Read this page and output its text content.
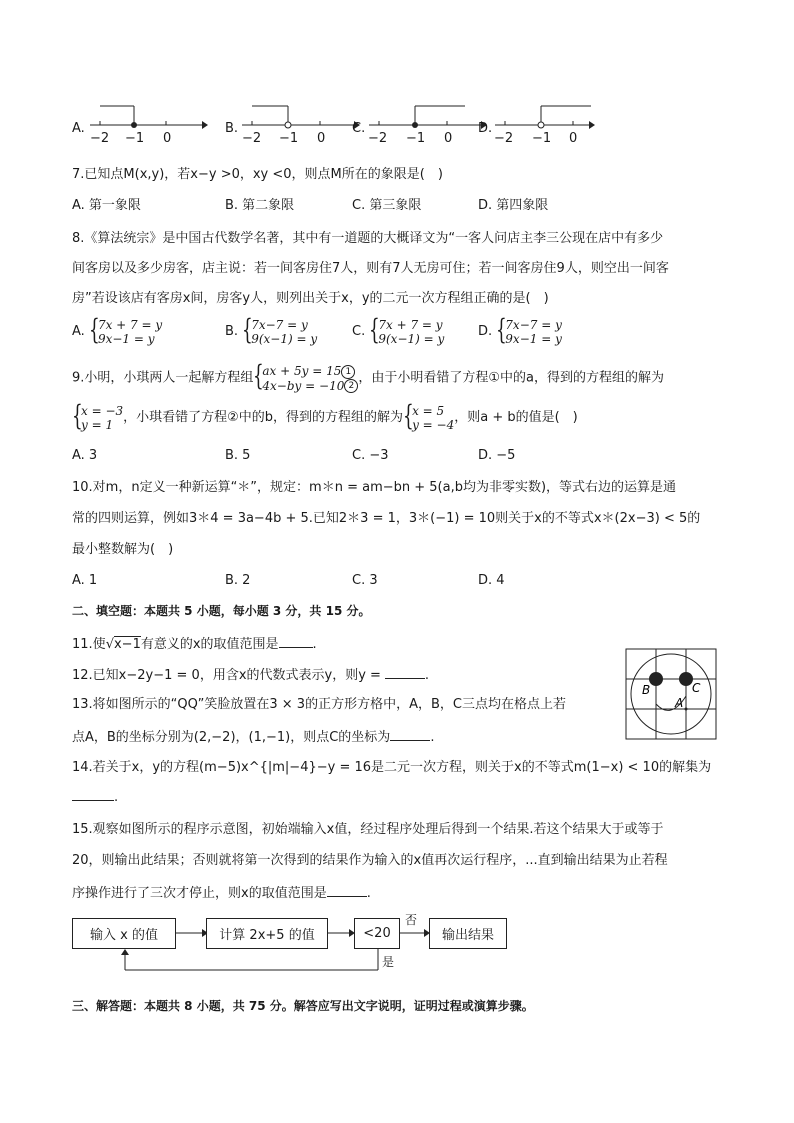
A.
−2 −1 0
B.
−2 −1 0
C.
−2 −1 0
D.
−2 −1 0
7.已知点M(x,y)，若x−y >0，xy <0，则点M所在的象限是(　)
A. 第一象限	B. 第二象限	C. 第三象限	D. 第四象限
8.《算法统宗》是中国古代数学名著，其中有一道题的大概译文为“一客人问店主李三公现在店中有多少
间客房以及多少房客，店主说：若一间客房住7人，则有7人无房可住；若一间客房住9人，则空出一间客
房”若设该店有客房x间，房客y人，则列出关于x，y的二元一次方程组正确的是(　)
A. {
7x + 7 = y
9x−1 = y	B. {
7x−7 = y
9(x−1) = y	C. {
7x + 7 = y
9(x−1) = y	D. {
7x−7 = y
9x−1 = y
9.小明，小琪两人一起解方程组 {
ax + 5y = 15 1
4x−by = −10 2
，由于小明看错了方程①中的a，得到的方程组的解为
{
x = −3
y = 1 ，小琪看错了方程②中的b，得到的方程组的解为 {
x = 5
y = −4 ，则a + b的值是(　)
A. 3	B. 5	C. −3	D. −5
10.对m，n定义一种新运算“＊”，规定：m＊n = am−bn + 5(a,b均为非零实数)，等式右边的运算是通
常的四则运算，例如3＊4 = 3a−4b + 5.已知2＊3 = 1，3＊(−1) = 10则关于x的不等式x＊(2x−3) < 5的
最小整数解为(　)
A. 1	B. 2	C. 3	D. 4
二、填空题：本题共 5 小题，每小题 3 分，共 15 分。
11.使√x−1有意义的x的取值范围是	.
12.已知x−2y−1 = 0，用含x的代数式表示y，则y =	.
13.将如图所示的“QQ”笑脸放置在3 × 3的正方形方格中，A，B，C三点均在格点上若
点A，B的坐标分别为(2,−2)，(1,−1)，则点C的坐标为	.
B	C
A
14.若关于x，y的方程(m−5)x^{|m|−4}−y = 16是二元一次方程，则关于x的不等式m(1−x) < 10的解集为
.
15.观察如图所示的程序示意图，初始端输入x值，经过程序处理后得到一个结果.若这个结果大于或等于
20，则输出此结果；否则就将第一次得到的结果作为输入的x值再次运行程序，...直到输出结果为止若程
序操作进行了三次才停止，则x的取值范围是	.
输入 x 的值	计算 2x+5 的值	<20	输出结果
否
是
三、解答题：本题共 8 小题，共 75 分。解答应写出文字说明，证明过程或演算步骤。
